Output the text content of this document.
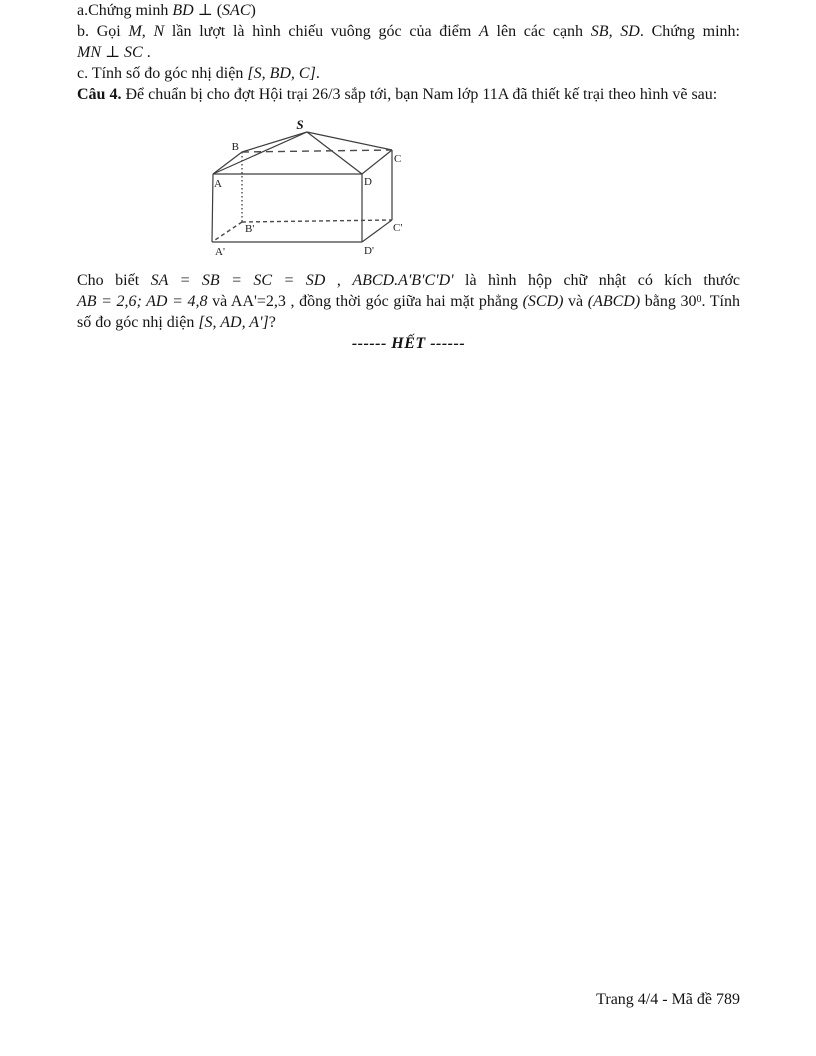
a.Chứng minh BD ⊥ (SAC)

b. Gọi M, N lần lượt là hình chiếu vuông góc của điểm A lên các cạnh SB, SD. Chứng minh:

MN ⊥ SC .

c. Tính số đo góc nhị diện [S, BD, C].

Câu 4. Để chuẩn bị cho đợt Hội trại 26/3 sắp tới, bạn Nam lớp 11A đã thiết kế trại theo hình vẽ sau:

S
B
C
A	D
B'	C'
A'	D'

Cho biết SA = SB = SC = SD , ABCD.A'B'C'D' là hình hộp chữ nhật có kích thước

AB = 2,6; AD = 4,8 và AA'=2,3 , đồng thời góc giữa hai mặt phẳng (SCD) và (ABCD) bằng $30^0$. Tính

số đo góc nhị diện [S, AD, A']?

------ HẾT ------

Trang 4/4 - Mã đề 789
